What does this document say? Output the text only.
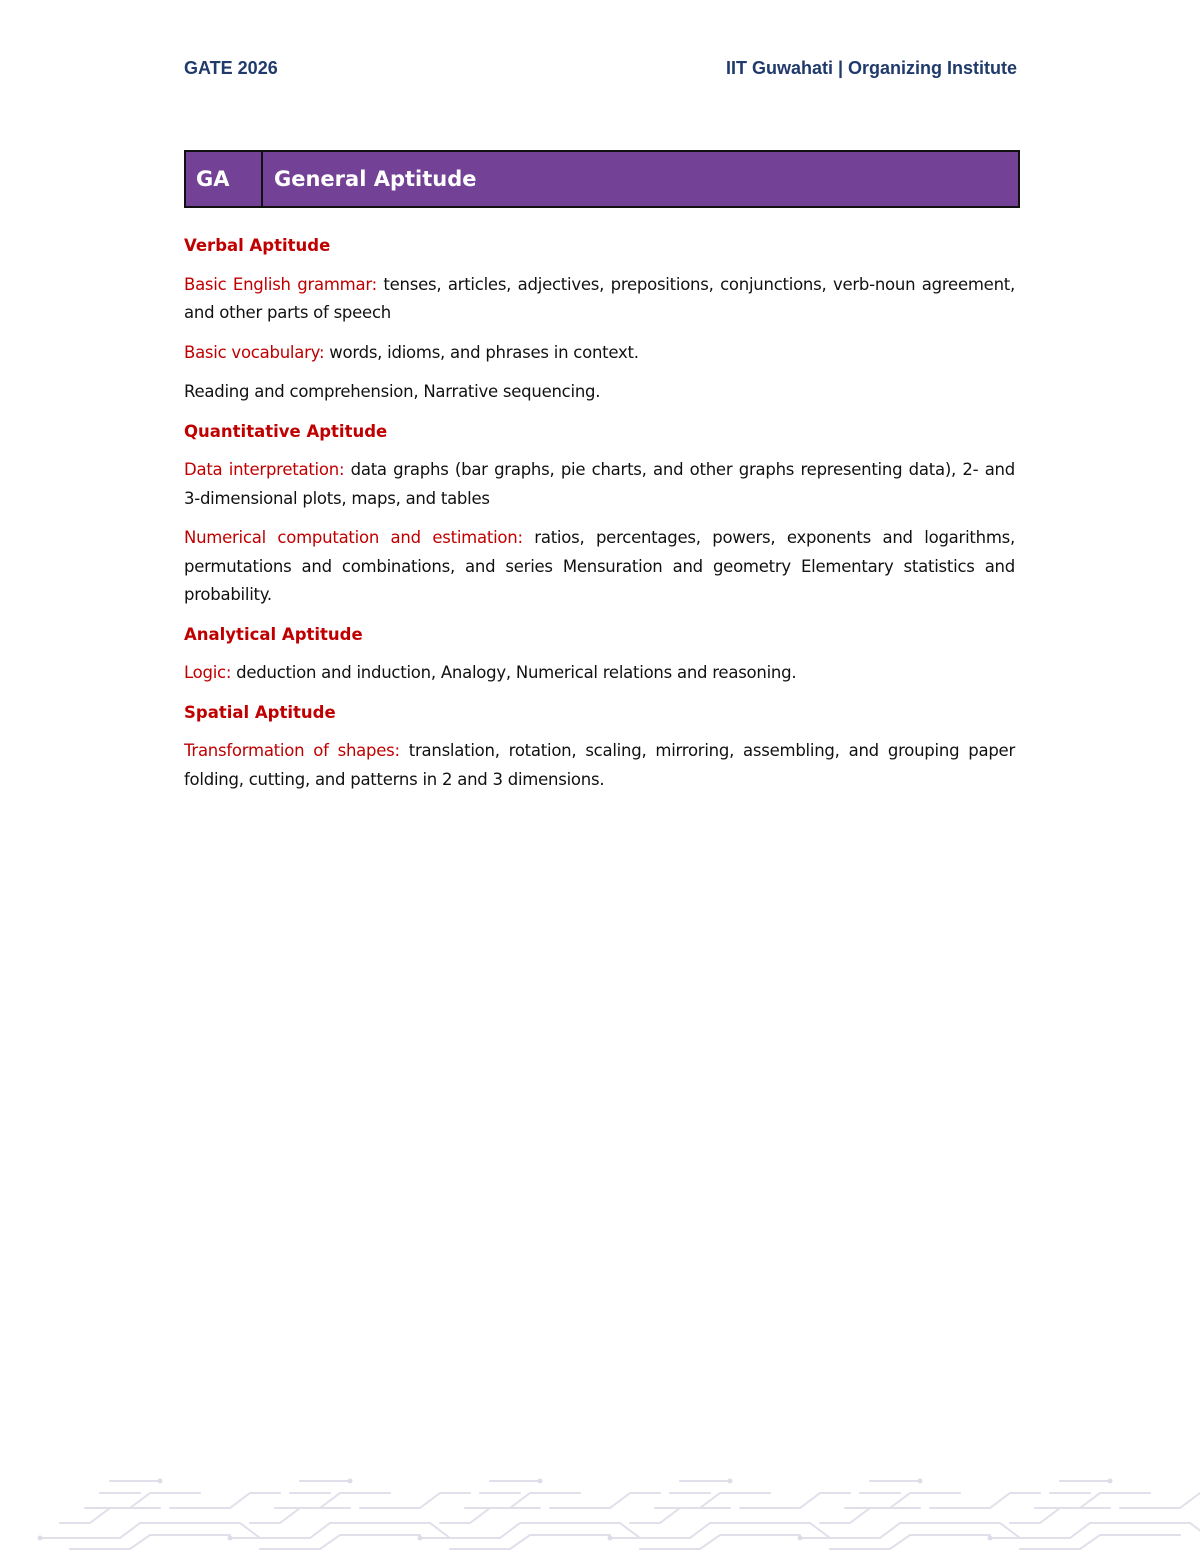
GATE 2026	IIT Guwahati | Organizing Institute
GA	General Aptitude
Verbal Aptitude

Basic English grammar: tenses, articles, adjectives, prepositions, conjunctions, verb-noun agreement, and other parts of speech

Basic vocabulary: words, idioms, and phrases in context.

Reading and comprehension, Narrative sequencing.

Quantitative Aptitude

Data interpretation: data graphs (bar graphs, pie charts, and other graphs representing data), 2- and 3-dimensional plots, maps, and tables

Numerical computation and estimation: ratios, percentages, powers, exponents and logarithms, permutations and combinations, and series Mensuration and geometry Elementary statistics and probability.

Analytical Aptitude

Logic: deduction and induction, Analogy, Numerical relations and reasoning.

Spatial Aptitude

Transformation of shapes: translation, rotation, scaling, mirroring, assembling, and grouping paper folding, cutting, and patterns in 2 and 3 dimensions.
